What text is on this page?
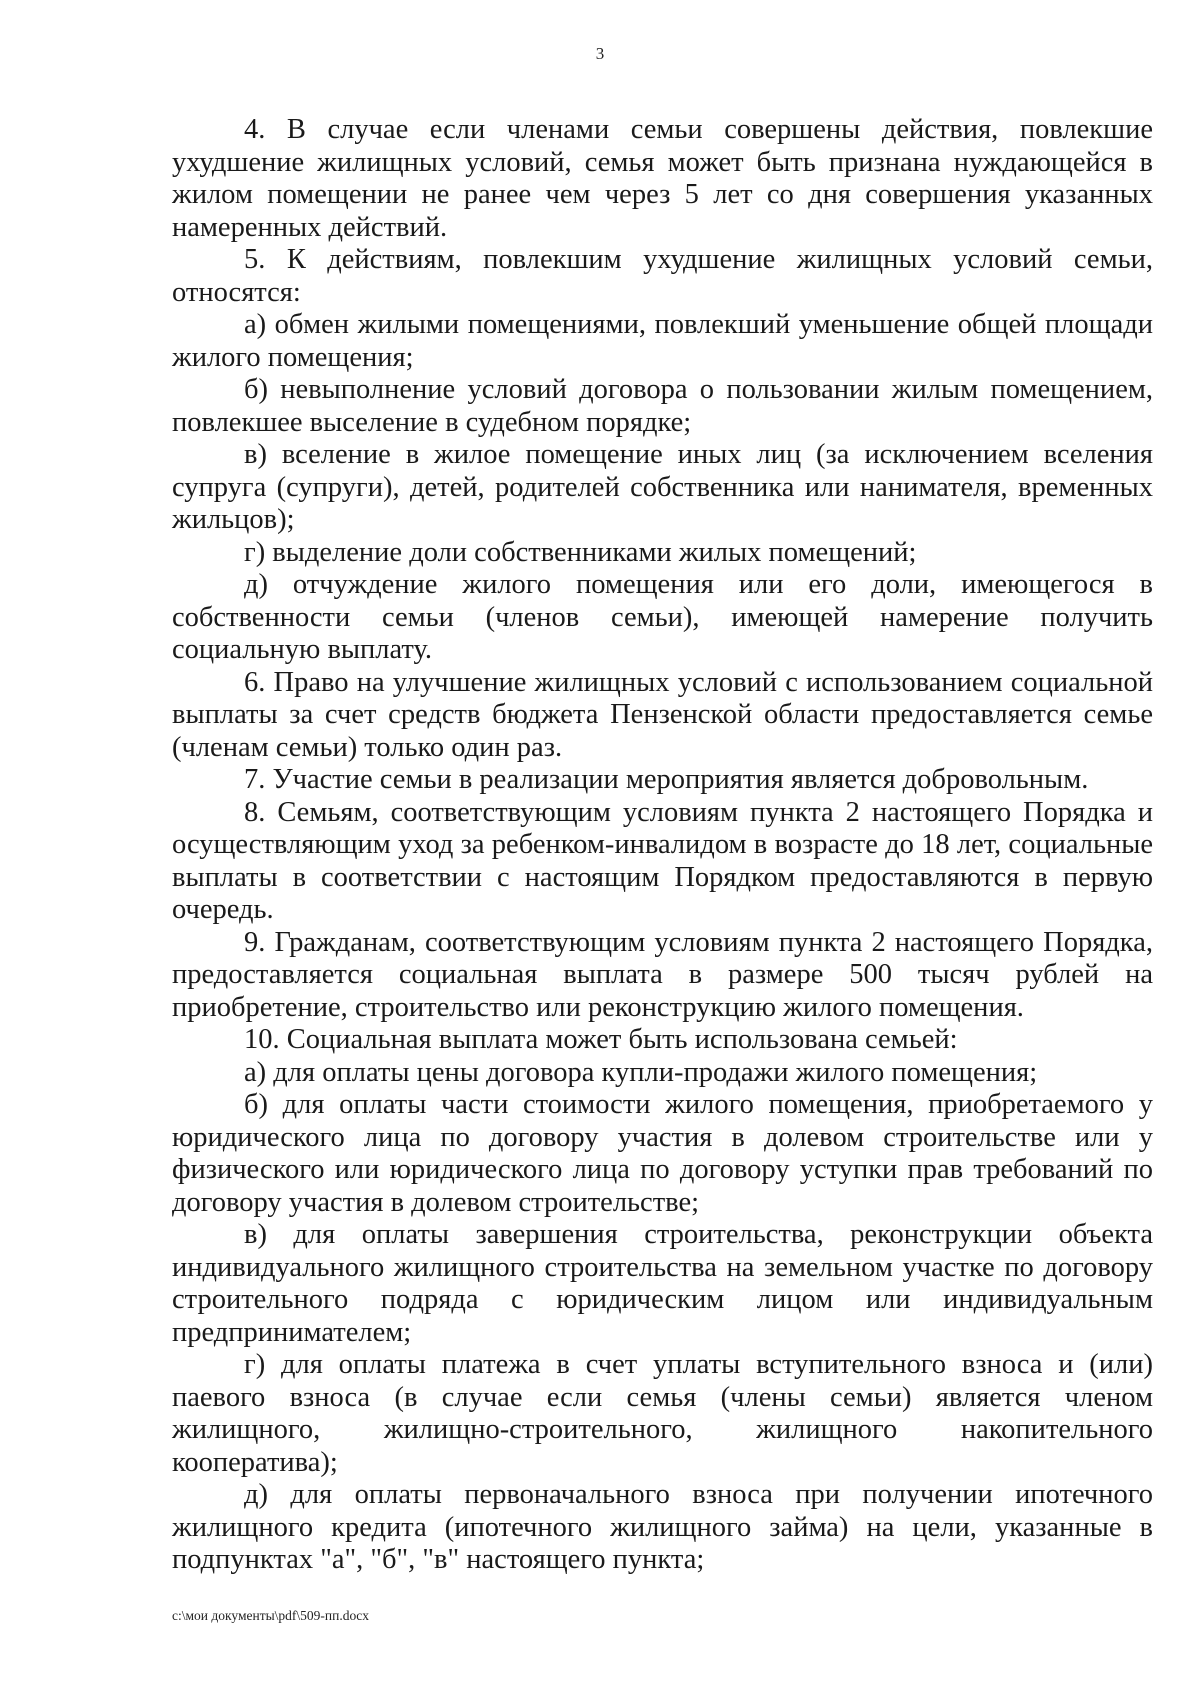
3

4. В случае если членами семьи совершены действия, повлекшие ухудшение жилищных условий, семья может быть признана нуждающейся в жилом помещении не ранее чем через 5 лет со дня совершения указанных намеренных действий.

5. К действиям, повлекшим ухудшение жилищных условий семьи, относятся:

а) обмен жилыми помещениями, повлекший уменьшение общей площади жилого помещения;

б) невыполнение условий договора о пользовании жилым помещением, повлекшее выселение в судебном порядке;

в) вселение в жилое помещение иных лиц (за исключением вселения супруга (супруги), детей, родителей собственника или нанимателя, временных жильцов);

г) выделение доли собственниками жилых помещений;

д) отчуждение жилого помещения или его доли, имеющегося в собственности семьи (членов семьи), имеющей намерение получить социальную выплату.

6. Право на улучшение жилищных условий с использованием социальной выплаты за счет средств бюджета Пензенской области предоставляется семье (членам семьи) только один раз.

7. Участие семьи в реализации мероприятия является добровольным.

8. Семьям, соответствующим условиям пункта 2 настоящего Порядка и осуществляющим уход за ребенком-инвалидом в возрасте до 18 лет, социальные выплаты в соответствии с настоящим Порядком предоставляются в первую очередь.

9. Гражданам, соответствующим условиям пункта 2 настоящего Порядка, предоставляется социальная выплата в размере 500 тысяч рублей на приобретение, строительство или реконструкцию жилого помещения.

10. Социальная выплата может быть использована семьей:

а) для оплаты цены договора купли-продажи жилого помещения;

б) для оплаты части стоимости жилого помещения, приобретаемого у юридического лица по договору участия в долевом строительстве или у физического или юридического лица по договору уступки прав требований по договору участия в долевом строительстве;

в) для оплаты завершения строительства, реконструкции объекта индивидуального жилищного строительства на земельном участке по договору строительного подряда с юридическим лицом или индивидуальным предпринимателем;

г) для оплаты платежа в счет уплаты вступительного взноса и (или) паевого взноса (в случае если семья (члены семьи) является членом жилищного, жилищно-строительного, жилищного накопительного кооператива);

д) для оплаты первоначального взноса при получении ипотечного жилищного кредита (ипотечного жилищного займа) на цели, указанные в подпунктах "а", "б", "в" настоящего пункта;

c:\мои документы\pdf\509-пп.docx
